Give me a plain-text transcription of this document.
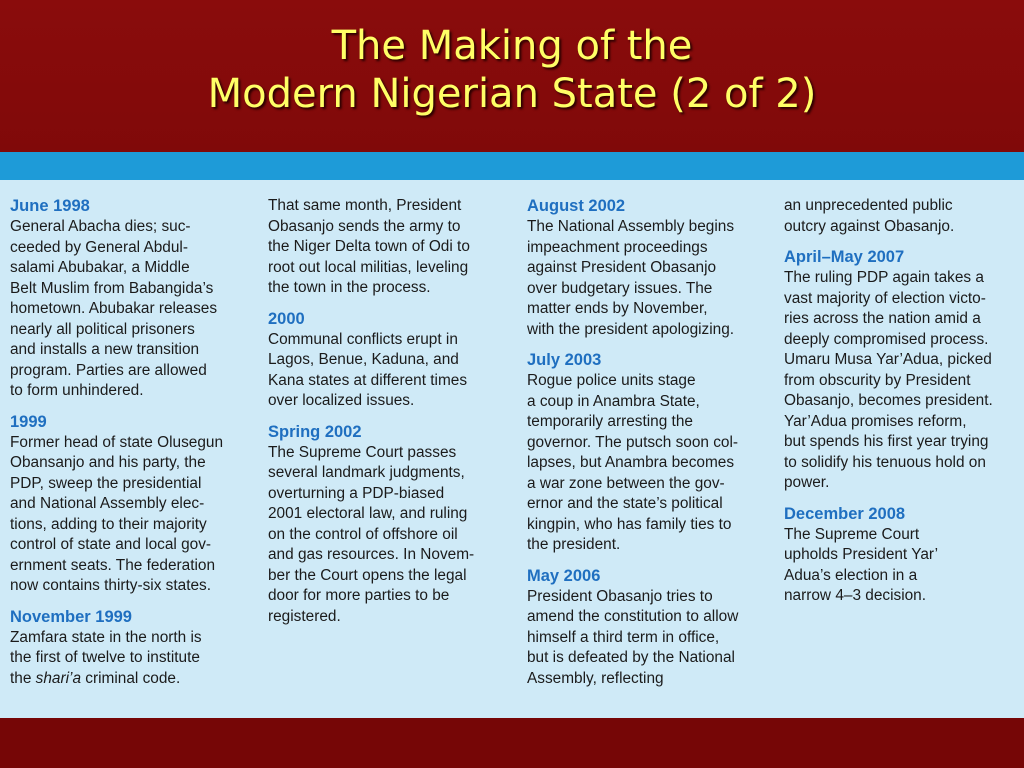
The Making of the
Modern Nigerian State (2 of 2)
June 1998
General Abacha dies; suc-
ceeded by General Abdul-
salami Abubakar, a Middle
Belt Muslim from Babangida’s
hometown. Abubakar releases
nearly all political prisoners
and installs a new transition
program. Parties are allowed
to form unhindered.
1999
Former head of state Olusegun
Obansanjo and his party, the
PDP, sweep the presidential
and National Assembly elec-
tions, adding to their majority
control of state and local gov-
ernment seats. The federation
now contains thirty-six states.
November 1999
Zamfara state in the north is
the first of twelve to institute
the shari’a criminal code.
That same month, President
Obasanjo sends the army to
the Niger Delta town of Odi to
root out local militias, leveling
the town in the process.
2000
Communal conflicts erupt in
Lagos, Benue, Kaduna, and
Kana states at different times
over localized issues.
Spring 2002
The Supreme Court passes
several landmark judgments,
overturning a PDP-biased
2001 electoral law, and ruling
on the control of offshore oil
and gas resources. In Novem-
ber the Court opens the legal
door for more parties to be
registered.
August 2002
The National Assembly begins
impeachment proceedings
against President Obasanjo
over budgetary issues. The
matter ends by November,
with the president apologizing.
July 2003
Rogue police units stage
a coup in Anambra State,
temporarily arresting the
governor. The putsch soon col-
lapses, but Anambra becomes
a war zone between the gov-
ernor and the state’s political
kingpin, who has family ties to
the president.
May 2006
President Obasanjo tries to
amend the constitution to allow
himself a third term in office,
but is defeated by the National
Assembly, reflecting
an unprecedented public
outcry against Obasanjo.
April–May 2007
The ruling PDP again takes a
vast majority of election victo-
ries across the nation amid a
deeply compromised process.
Umaru Musa Yar’Adua, picked
from obscurity by President
Obasanjo, becomes president.
Yar’Adua promises reform,
but spends his first year trying
to solidify his tenuous hold on
power.
December 2008
The Supreme Court
upholds President Yar’
Adua’s election in a
narrow 4–3 decision.
